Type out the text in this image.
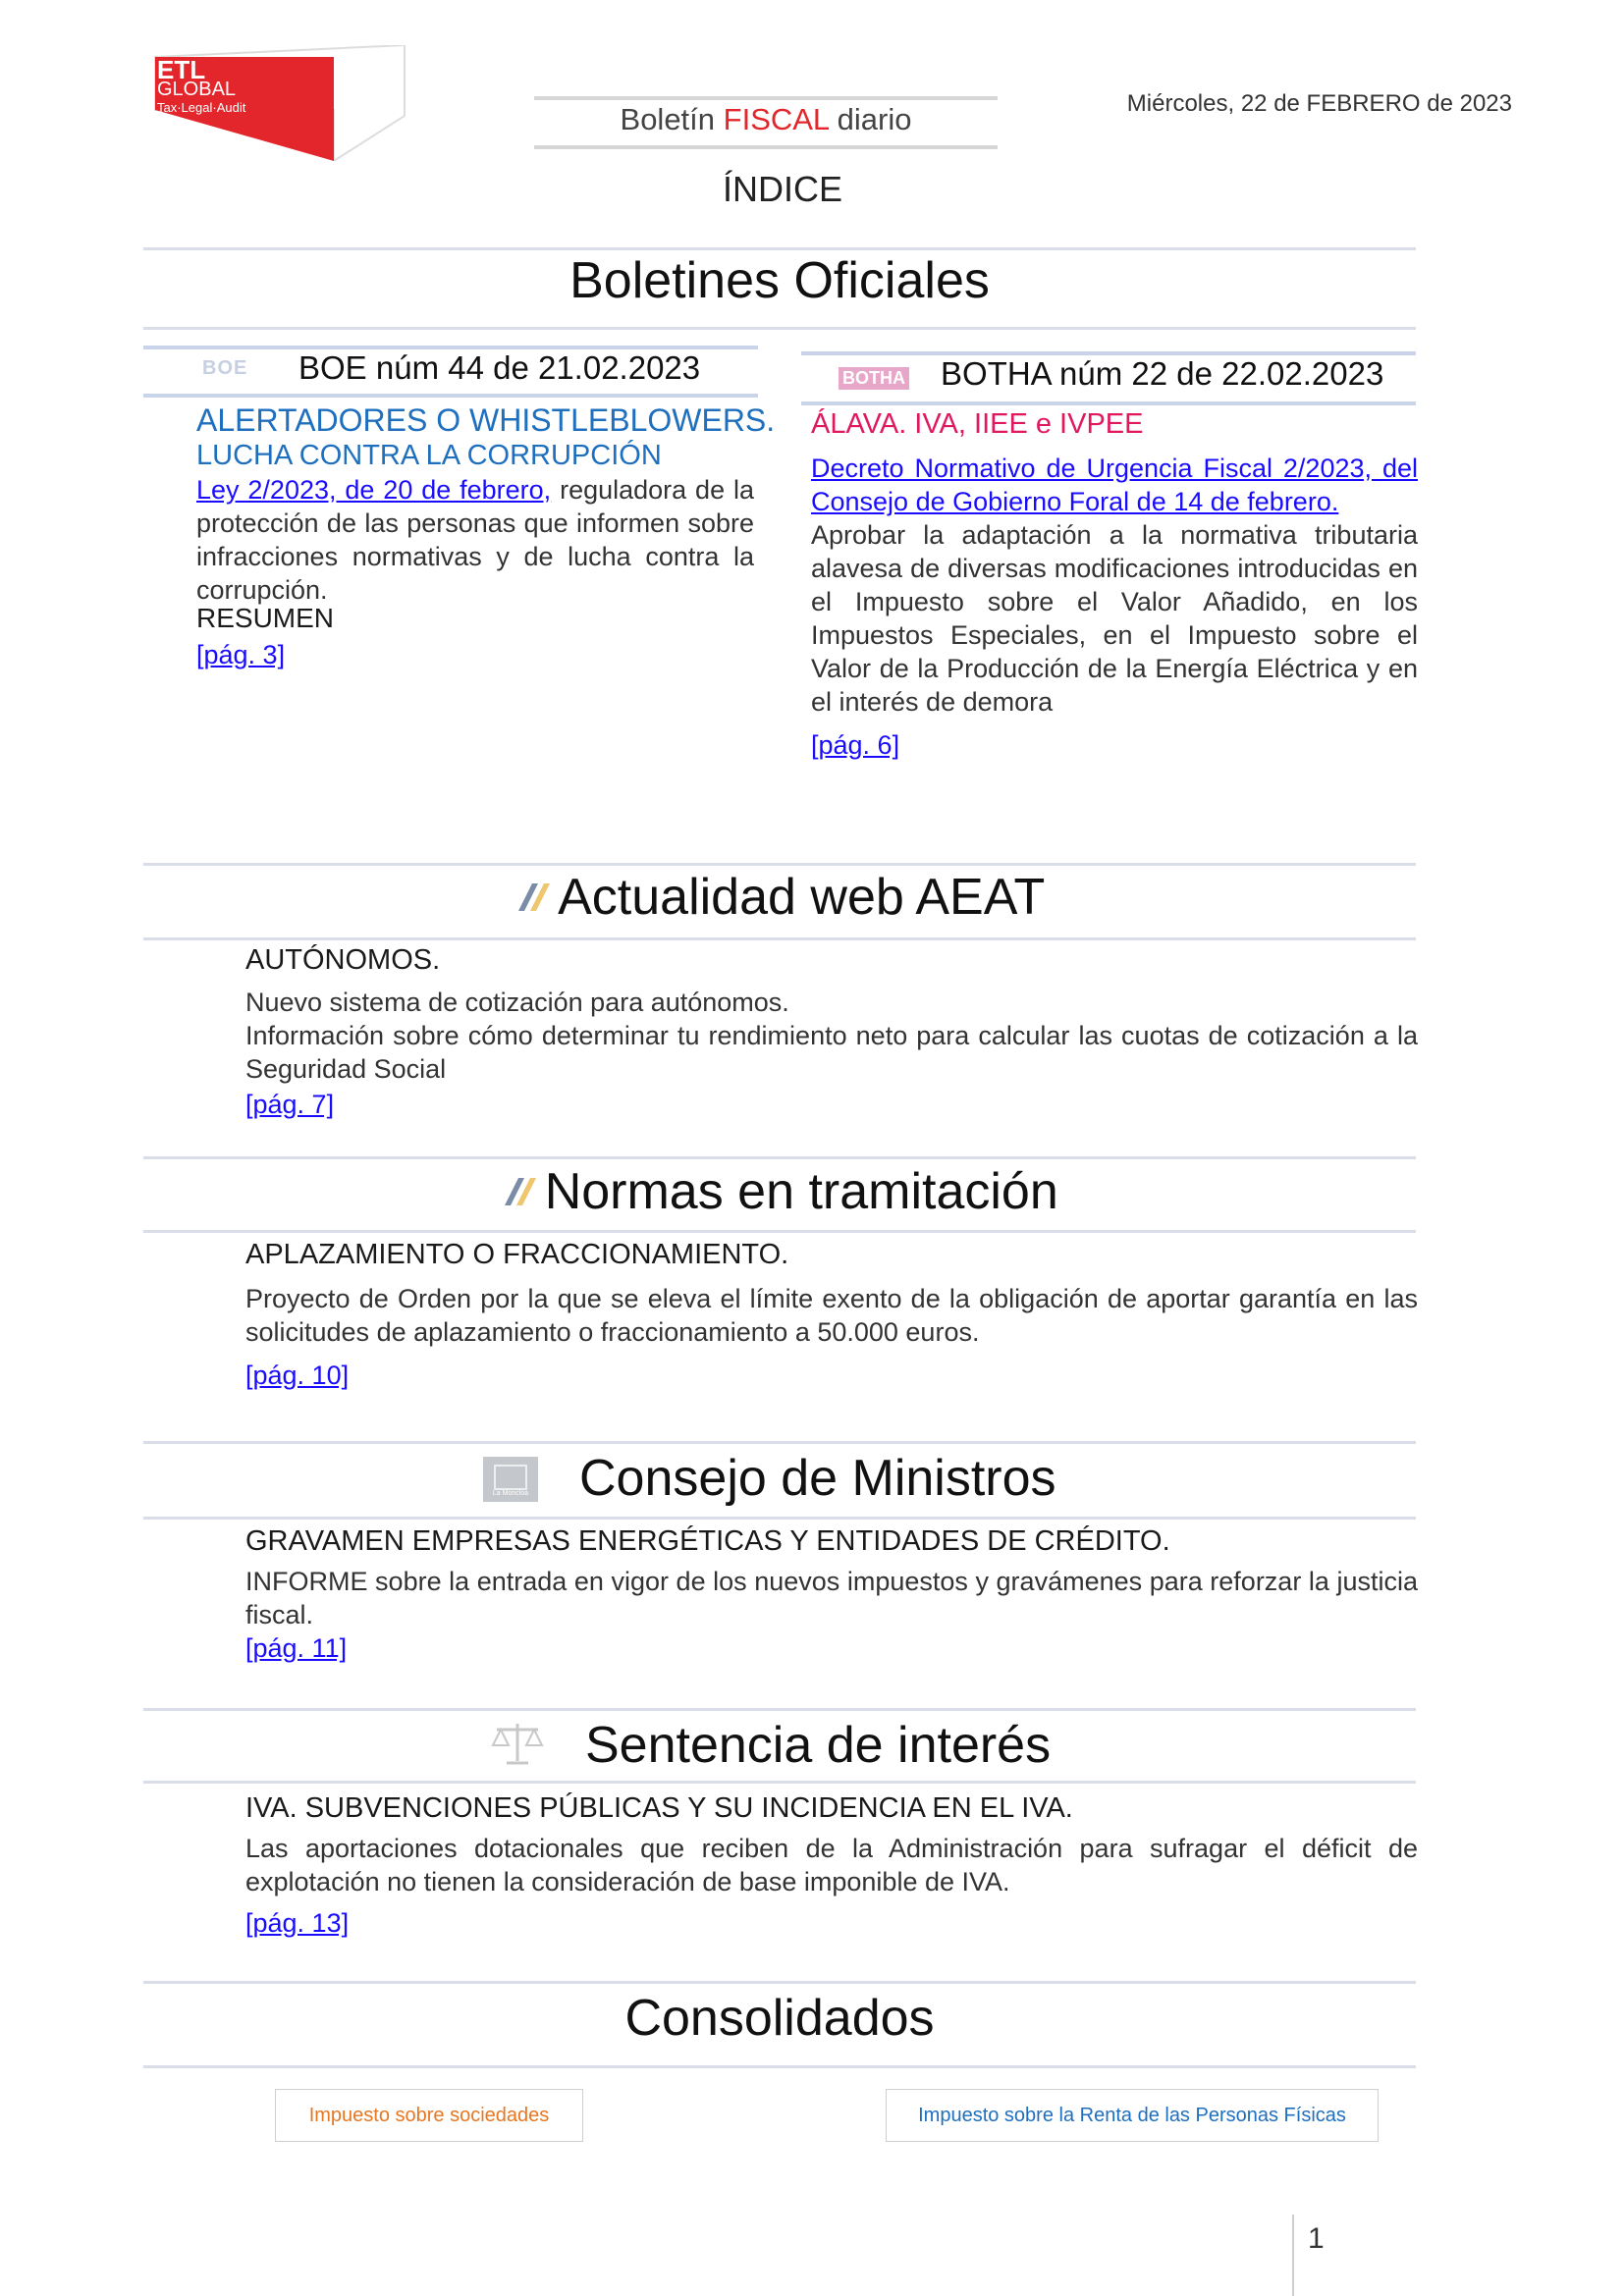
ETL
GLOBAL
Tax·Legal·Audit	Boletín FISCAL diario	Miércoles, 22 de FEBRERO de 2023
ÍNDICE
Boletines Oficiales
BOE BOE núm 44 de 21.02.2023
ALERTADORES O WHISTLEBLOWERS.
LUCHA CONTRA LA CORRUPCIÓN
Ley 2/2023, de 20 de febrero, reguladora de la protección de las personas que informen sobre infracciones normativas y de lucha contra la corrupción.
RESUMEN
[pág. 3]
BOTHA BOTHA núm 22 de 22.02.2023
ÁLAVA. IVA, IIEE e IVPEE
Decreto Normativo de Urgencia Fiscal 2/2023, del Consejo de Gobierno Foral de 14 de febrero.
Aprobar la adaptación a la normativa tributaria alavesa de diversas modificaciones introducidas en el Impuesto sobre el Valor Añadido, en los Impuestos Especiales, en el Impuesto sobre el Valor de la Producción de la Energía Eléctrica y en el interés de demora
[pág. 6]
Actualidad web AEAT
AUTÓNOMOS.
Nuevo sistema de cotización para autónomos.
Información sobre cómo determinar tu rendimiento neto para calcular las cuotas de cotización a la Seguridad Social
[pág. 7]
Normas en tramitación
APLAZAMIENTO O FRACCIONAMIENTO.
Proyecto de Orden por la que se eleva el límite exento de la obligación de aportar garantía en las solicitudes de aplazamiento o fraccionamiento a 50.000 euros.
[pág. 10]
La Moncloa Consejo de Ministros
GRAVAMEN EMPRESAS ENERGÉTICAS Y ENTIDADES DE CRÉDITO.
INFORME sobre la entrada en vigor de los nuevos impuestos y gravámenes para reforzar la justicia fiscal.
[pág. 11]
Sentencia de interés
IVA. SUBVENCIONES PÚBLICAS Y SU INCIDENCIA EN EL IVA.
Las aportaciones dotacionales que reciben de la Administración para sufragar el déficit de explotación no tienen la consideración de base imponible de IVA.
[pág. 13]
Consolidados
Impuesto sobre sociedades	Impuesto sobre la Renta de las Personas Físicas
1
